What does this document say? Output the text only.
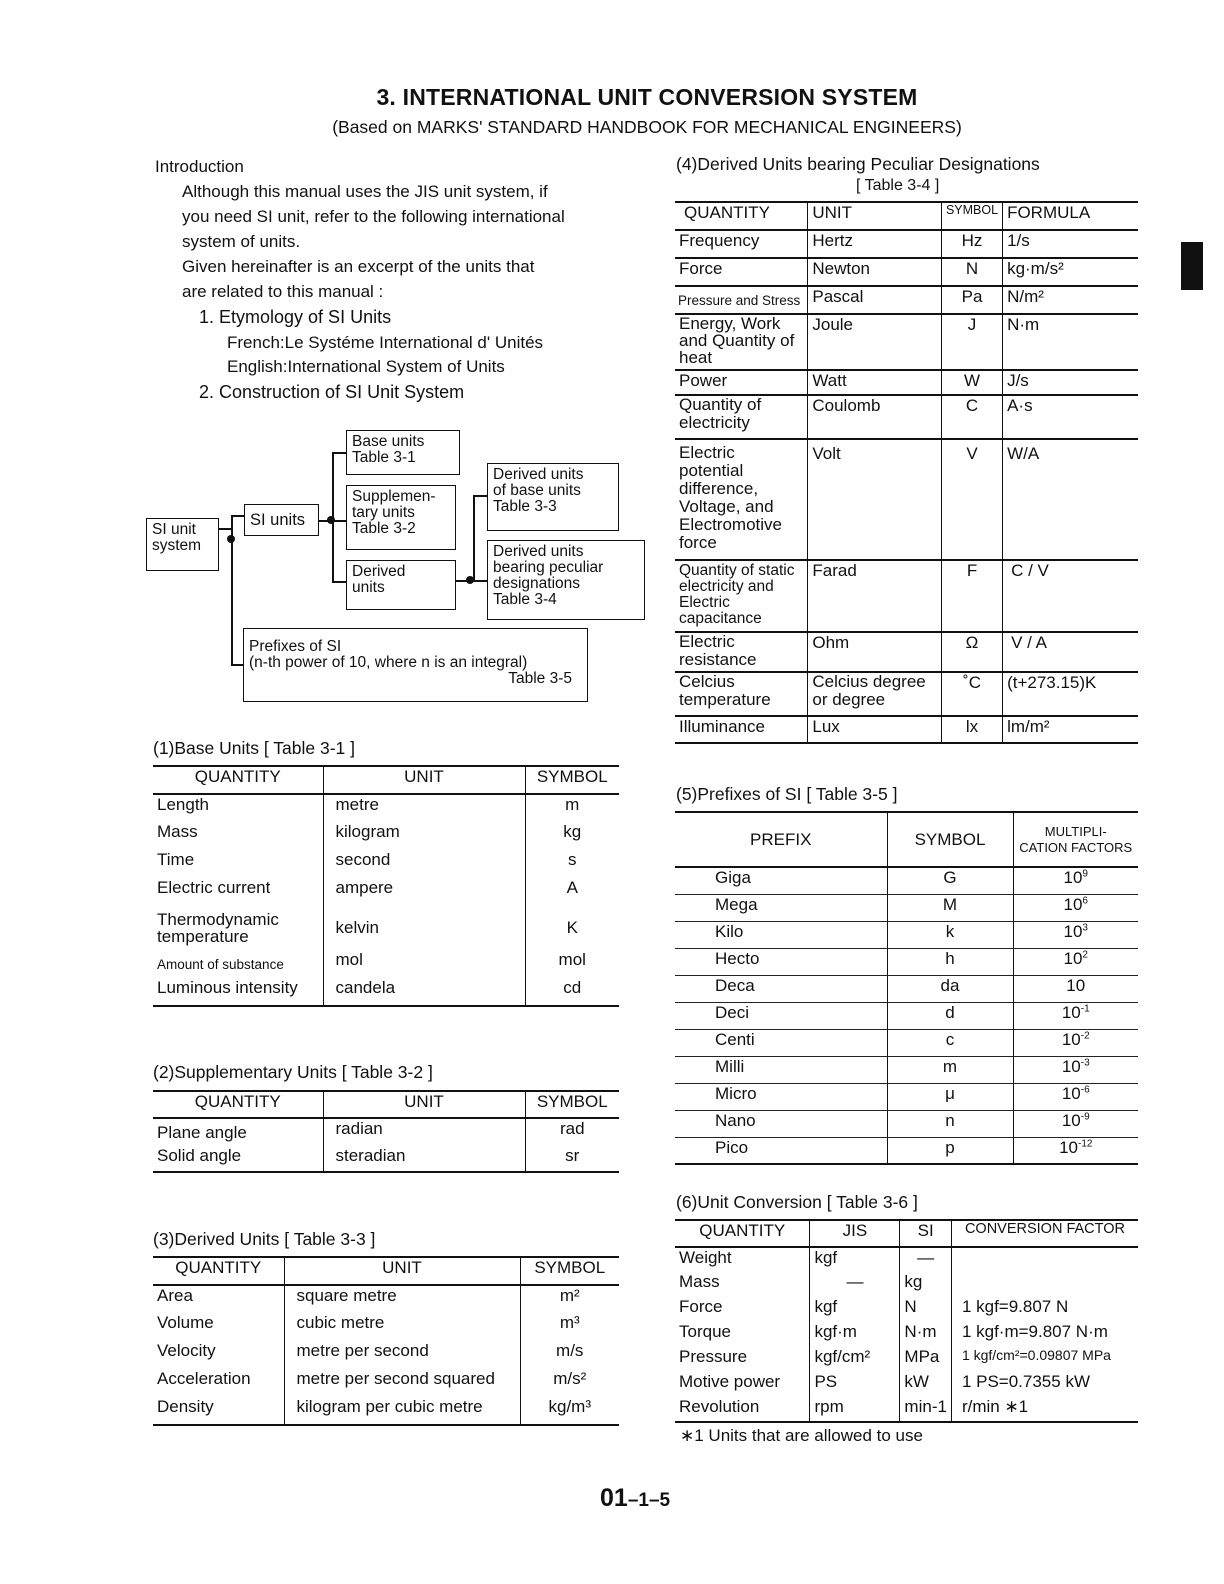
3. INTERNATIONAL UNIT CONVERSION SYSTEM
(Based on MARKS' STANDARD HANDBOOK FOR MECHANICAL ENGINEERS)
Introduction
Although this manual uses the JIS unit system, if
you need SI unit, refer to the following international
system of units.
Given hereinafter is an excerpt of the units that
are related to this manual :
1. Etymology of SI Units
French:Le Systéme International d' Unités
English:International System of Units
2. Construction of SI Unit System
SI unit
system
SI units
Base units
Table 3-1
Supplemen-
tary units
Table 3-2
Derived
units
Derived units
of base units
Table 3-3
Derived units
bearing peculiar
designations
Table 3-4
Prefixes of SI
(n-th power of 10, where n is an integral)
Table 3-5
(1)Base Units [ Table 3-1 ]
QUANTITY	UNIT	SYMBOL
Length	metre	m
Mass	kilogram	kg
Time	second	s
Electric current	ampere	A
Thermodynamic temperature	kelvin	K
Amount of substance	mol	mol
Luminous intensity	candela	cd
(2)Supplementary Units [ Table 3-2 ]
QUANTITY	UNIT	SYMBOL
Plane angle	radian	rad
Solid angle	steradian	sr
(3)Derived Units [ Table 3-3 ]
QUANTITY	UNIT	SYMBOL
Area	square metre	m²
Volume	cubic metre	m³
Velocity	metre per second	m/s
Acceleration	metre per second squared	m/s²
Density	kilogram per cubic metre	kg/m³
(4)Derived Units bearing Peculiar Designations
[ Table 3-4 ]
QUANTITY	UNIT	SYMBOL	FORMULA
Frequency	Hertz	Hz	1/s
Force	Newton	N	kg·m/s²
Pressure and Stress	Pascal	Pa	N/m²
Energy, Work and Quantity of heat	Joule	J	N·m
Power	Watt	W	J/s
Quantity of electricity	Coulomb	C	A·s
Electric potential difference, Voltage, and Electromotive force	Volt	V	W/A
Quantity of static electricity and Electric capacitance	Farad	F	C / V
Electric resistance	Ohm	Ω	V / A
Celcius temperature	Celcius degree or degree	˚C	(t+273.15)K
Illuminance	Lux	lx	lm/m²
(5)Prefixes of SI [ Table 3-5 ]
PREFIX	SYMBOL	MULTIPLI-
CATION FACTORS

Giga	G	$10^9$
Mega	M	$10^6$
Kilo	k	$10^3$
Hecto	h	$10^2$
Deca	da	10
Deci	d	$10^{-1}$
Centi	c	$10^{-2}$
Milli	m	$10^{-3}$
Micro	μ	$10^{-6}$
Nano	n	$10^{-9}$
Pico	p	$10^{-12}$
(6)Unit Conversion [ Table 3-6 ]
QUANTITY	JIS	SI	CONVERSION FACTOR
Weight	kgf	—	
Mass	—	kg	
Force	kgf	N	1 kgf=9.807 N
Torque	kgf·m	N·m	1 kgf·m=9.807 N·m
Pressure	kgf/cm²	MPa	1 kgf/cm²=0.09807 MPa
Motive power	PS	kW	1 PS=0.7355 kW
Revolution	rpm	min-1	r/min ∗1
∗1 Units that are allowed to use
01–1–5
